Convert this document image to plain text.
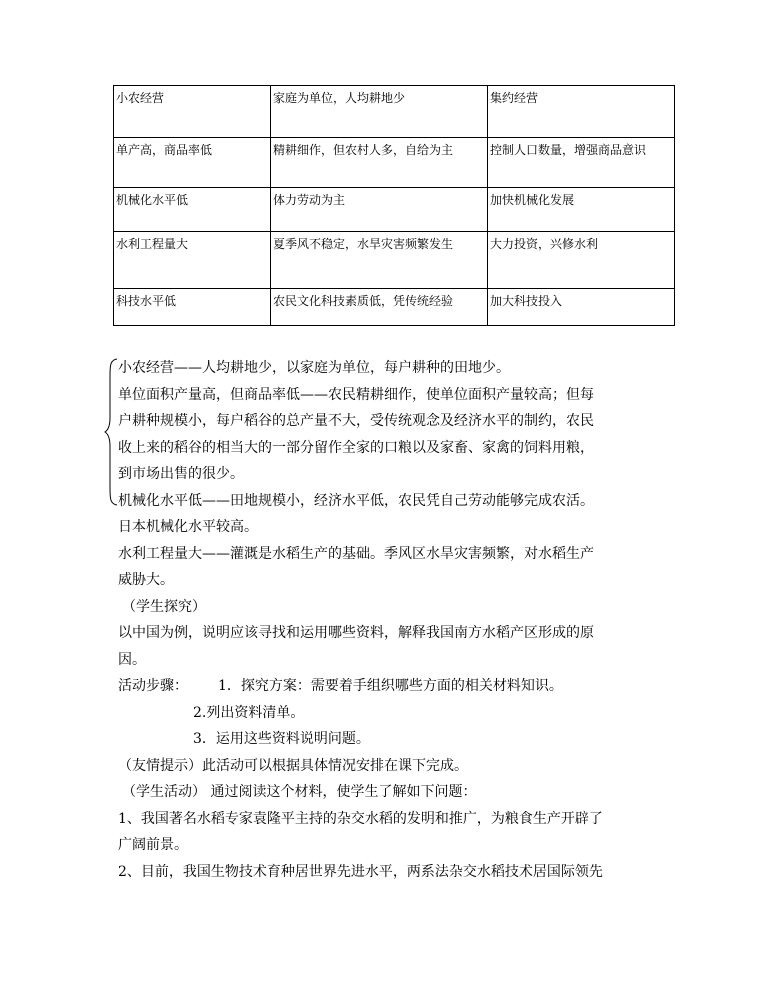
小农经营	家庭为单位，人均耕地少	集约经营
单产高，商品率低	精耕细作，但农村人多，自给为主	控制人口数量，增强商品意识
机械化水平低	体力劳动为主	加快机械化发展
水利工程量大	夏季风不稳定，水旱灾害频繁发生	大力投资，兴修水利
科技水平低	农民文化科技素质低，凭传统经验	加大科技投入
小农经营——人均耕地少，以家庭为单位，每户耕种的田地少。
单位面积产量高，但商品率低——农民精耕细作，使单位面积产量较高；但每
户耕种规模小，每户稻谷的总产量不大，受传统观念及经济水平的制约，农民
收上来的稻谷的相当大的一部分留作全家的口粮以及家畜、家禽的饲料用粮，
到市场出售的很少。
机械化水平低——田地规模小，经济水平低，农民凭自己劳动能够完成农活。
日本机械化水平较高。
水利工程量大——灌溉是水稻生产的基础。季风区水旱灾害频繁，对水稻生产
威胁大。
（学生探究）
以中国为例，说明应该寻找和运用哪些资料，解释我国南方水稻产区形成的原
因。
活动步骤： 1．探究方案：需要着手组织哪些方面的相关材料知识。
2.列出资料清单。
3．运用这些资料说明问题。
（友情提示）此活动可以根据具体情况安排在课下完成。
（学生活动） 通过阅读这个材料，使学生了解如下问题：
1、我国著名水稻专家袁隆平主持的杂交水稻的发明和推广，为粮食生产开辟了
广阔前景。
2、目前，我国生物技术育种居世界先进水平，两系法杂交水稻技术居国际领先
